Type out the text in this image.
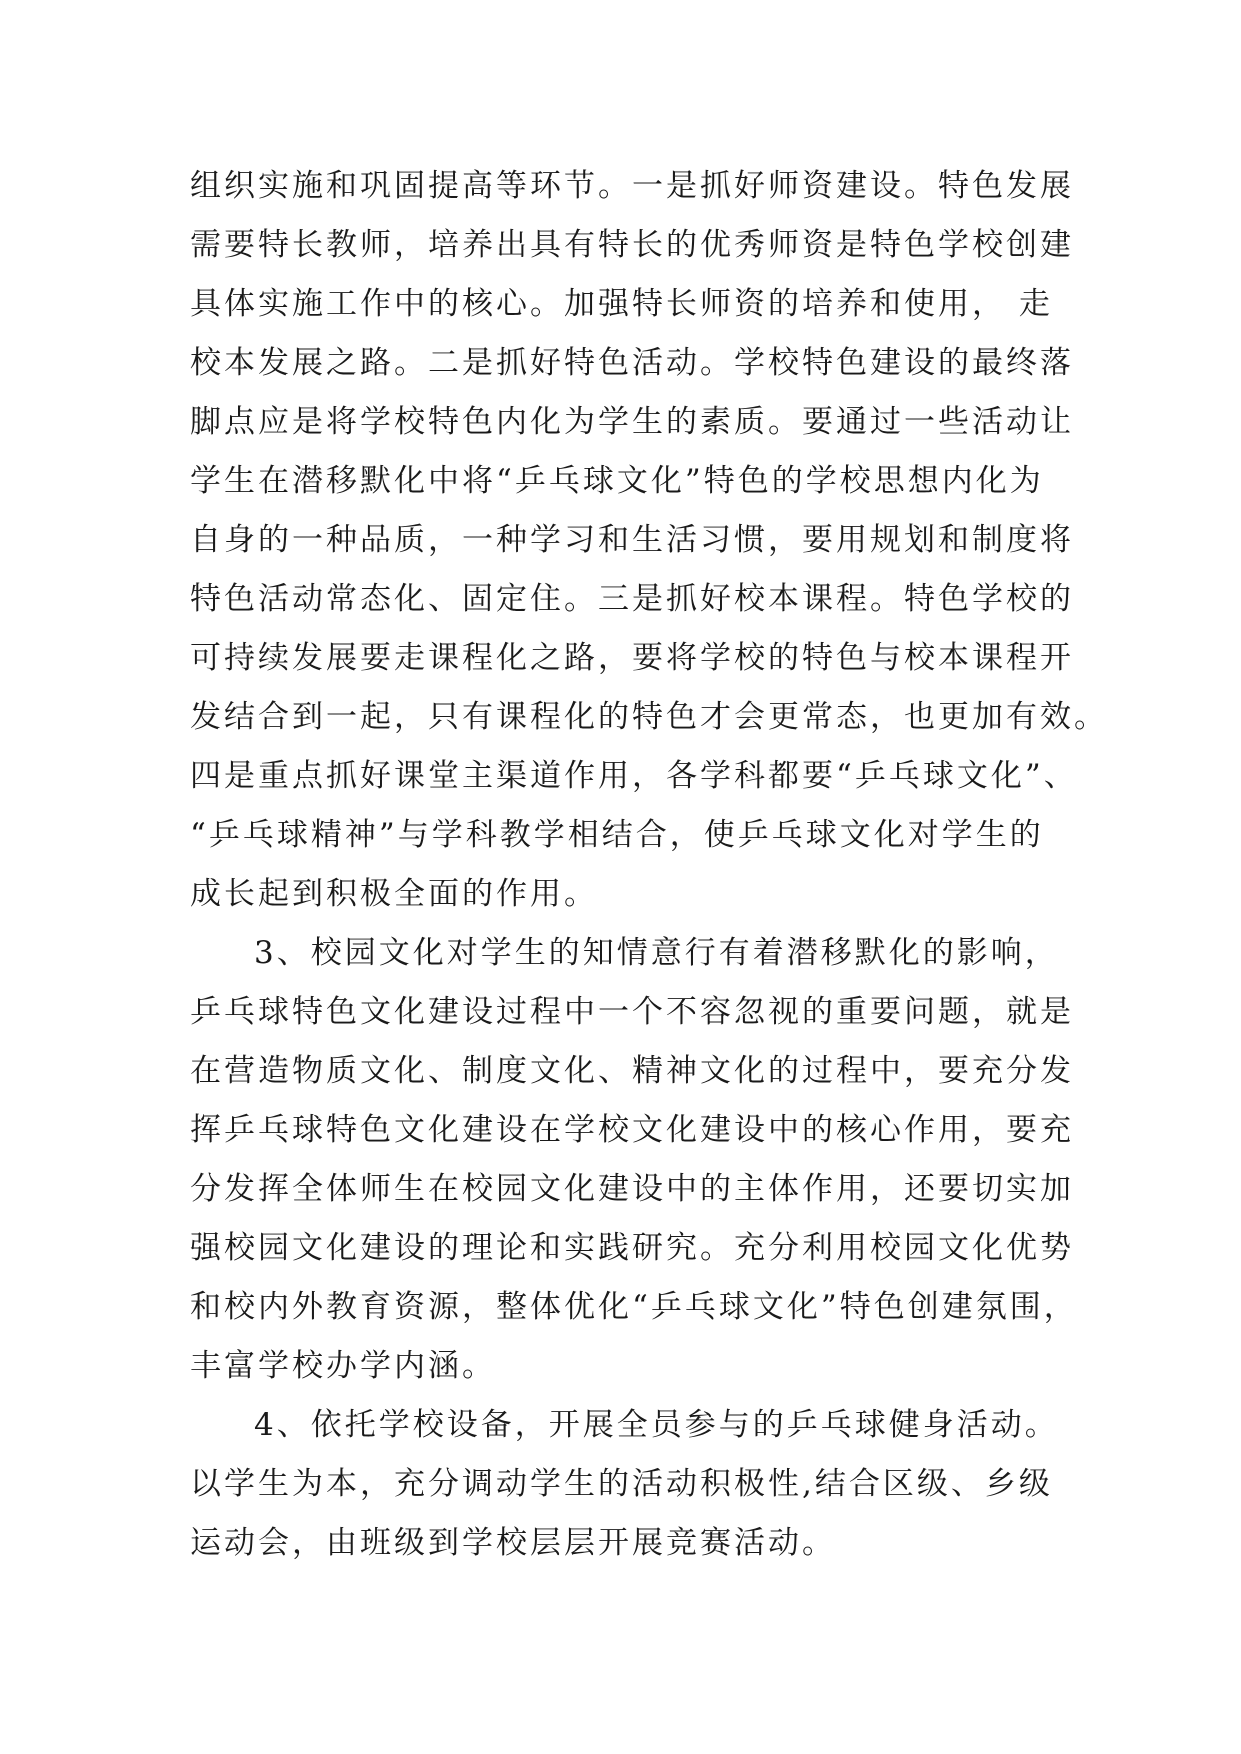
组织实施和巩固提高等环节。一是抓好师资建设。特色发展
需要特长教师，培养出具有特长的优秀师资是特色学校创建
具体实施工作中的核心。加强特长师资的培养和使用， 走
校本发展之路。二是抓好特色活动。学校特色建设的最终落
脚点应是将学校特色内化为学生的素质。要通过一些活动让
学生在潜移默化中将“乒乓球文化”特色的学校思想内化为
自身的一种品质，一种学习和生活习惯，要用规划和制度将
特色活动常态化、固定住。三是抓好校本课程。特色学校的
可持续发展要走课程化之路，要将学校的特色与校本课程开
发结合到一起，只有课程化的特色才会更常态，也更加有效。
四是重点抓好课堂主渠道作用，各学科都要“乒乓球文化”、
“乒乓球精神”与学科教学相结合，使乒乓球文化对学生的
成长起到积极全面的作用。
3、校园文化对学生的知情意行有着潜移默化的影响，
乒乓球特色文化建设过程中一个不容忽视的重要问题，就是
在营造物质文化、制度文化、精神文化的过程中，要充分发
挥乒乓球特色文化建设在学校文化建设中的核心作用，要充
分发挥全体师生在校园文化建设中的主体作用，还要切实加
强校园文化建设的理论和实践研究。充分利用校园文化优势
和校内外教育资源，整体优化“乒乓球文化”特色创建氛围，
丰富学校办学内涵。
4、依托学校设备，开展全员参与的乒乓球健身活动。
以学生为本，充分调动学生的活动积极性,结合区级、乡级
运动会，由班级到学校层层开展竞赛活动。
